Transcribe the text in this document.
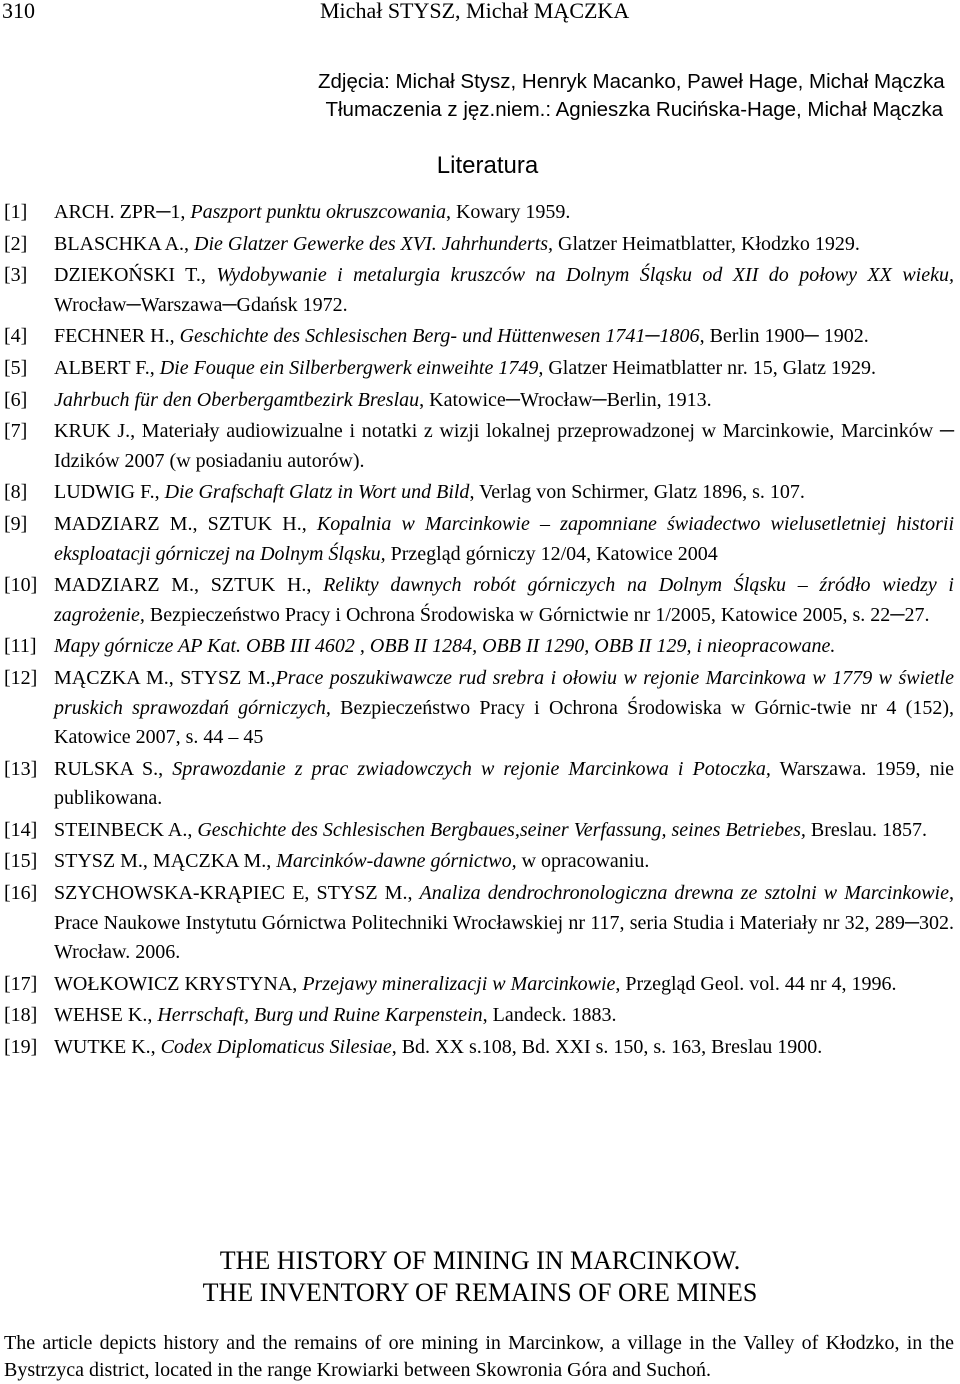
310	Michał STYSZ, Michał MĄCZKA
Zdjęcia: Michał Stysz, Henryk Macanko, Paweł Hage, Michał Mączka
Tłumaczenia z jęz.niem.: Agnieszka Rucińska-Hage, Michał Mączka
Literatura
[1] ARCH. ZPR─1, Paszport punktu okruszcowania, Kowary 1959.
[2] BLASCHKA A., Die Glatzer Gewerke des XVI. Jahrhunderts, Glatzer Heimatblatter, Kłodzko 1929.
[3] DZIEKOŃSKI T., Wydobywanie i metalurgia kruszców na Dolnym Śląsku od XII do połowy XX wieku, Wrocław─Warszawa─Gdańsk 1972.
[4] FECHNER H., Geschichte des Schlesischen Berg- und Hüttenwesen 1741─1806, Berlin 1900─ 1902.
[5] ALBERT F., Die Fouque ein Silberbergwerk einweihte 1749, Glatzer Heimatblatter nr. 15, Glatz 1929.
[6] Jahrbuch für den Oberbergamtbezirk Breslau, Katowice─Wrocław─Berlin, 1913.
[7] KRUK J., Materiały audiowizualne i notatki z wizji lokalnej przeprowadzonej w Marcinkowie, Marcinków ─ Idzików 2007 (w posiadaniu autorów).
[8] LUDWIG F., Die Grafschaft Glatz in Wort und Bild, Verlag von Schirmer, Glatz 1896, s. 107.
[9] MADZIARZ M., SZTUK H., Kopalnia w Marcinkowie – zapomniane świadectwo wielusetletniej historii eksploatacji górniczej na Dolnym Śląsku, Przegląd górniczy 12/04, Katowice 2004
[10] MADZIARZ M., SZTUK H., Relikty dawnych robót górniczych na Dolnym Śląsku – źródło wiedzy i zagrożenie, Bezpieczeństwo Pracy i Ochrona Środowiska w Górnictwie nr 1/2005, Katowice 2005, s. 22─27.
[11] Mapy górnicze AP Kat. OBB III 4602 , OBB II 1284, OBB II 1290, OBB II 129, i nieopracowane.
[12] MĄCZKA M., STYSZ M.,Prace poszukiwawcze rud srebra i ołowiu w rejonie Marcinkowa w 1779 w świetle pruskich sprawozdań górniczych, Bezpieczeństwo Pracy i Ochrona Środowiska w Górnic-twie nr 4 (152), Katowice 2007, s. 44 – 45
[13] RULSKA S., Sprawozdanie z prac zwiadowczych w rejonie Marcinkowa i Potoczka, Warszawa. 1959, nie publikowana.
[14] STEINBECK A., Geschichte des Schlesischen Bergbaues,seiner Verfassung, seines Betriebes, Breslau. 1857.
[15] STYSZ M., MĄCZKA M., Marcinków-dawne górnictwo, w opracowaniu.
[16] SZYCHOWSKA-KRĄPIEC E, STYSZ M., Analiza dendrochronologiczna drewna ze sztolni w Marcinkowie, Prace Naukowe Instytutu Górnictwa Politechniki Wrocławskiej nr 117, seria Studia i Materiały nr 32, 289─302. Wrocław. 2006.
[17] WOŁKOWICZ KRYSTYNA, Przejawy mineralizacji w Marcinkowie, Przegląd Geol. vol. 44 nr 4, 1996.
[18] WEHSE K., Herrschaft, Burg und Ruine Karpenstein, Landeck. 1883.
[19] WUTKE K., Codex Diplomaticus Silesiae, Bd. XX s.108, Bd. XXI s. 150, s. 163, Breslau 1900.
THE HISTORY OF MINING IN MARCINKOW.
THE INVENTORY OF REMAINS OF ORE MINES
The article depicts history and the remains of ore mining in Marcinkow, a village in the Valley of Kłodzko, in the Bystrzyca district, located in the range Krowiarki between Skowronia Góra and Suchoń.
